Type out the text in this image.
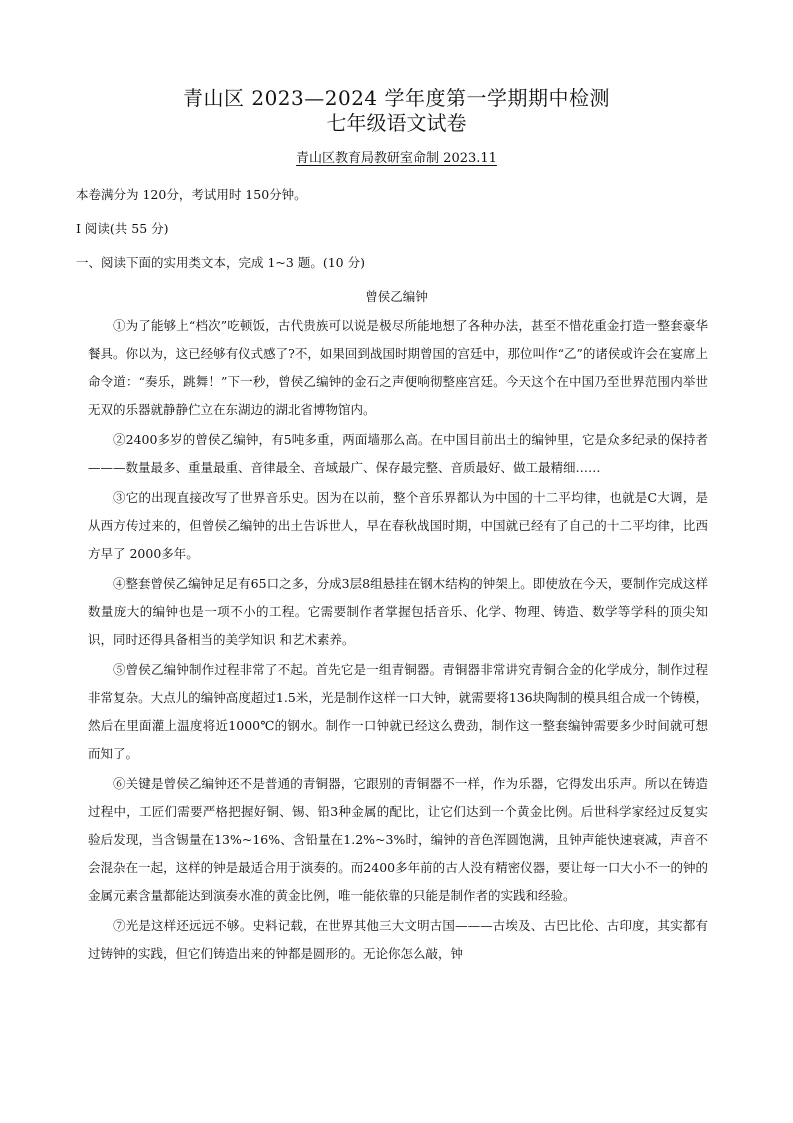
青山区 2023—2024 学年度第一学期期中检测
七年级语文试卷
青山区教育局教研室命制 2023.11
本卷满分为 120分，考试用时 150分钟。
I 阅读(共 55 分)
一、阅读下面的实用类文本，完成 1~3 题。(10 分)
曾侯乙编钟

①为了能够上“档次”吃顿饭，古代贵族可以说是极尽所能地想了各种办法，甚至不惜花重金打造一整套豪华餐具。你以为，这已经够有仪式感了?不，如果回到战国时期曾国的宫廷中，那位叫作“乙”的诸侯或许会在宴席上命令道：“奏乐，跳舞！”下一秒，曾侯乙编钟的金石之声便响彻整座宫廷。今天这个在中国乃至世界范围内举世无双的乐器就静静伫立在东湖边的湖北省博物馆内。

②2400多岁的曾侯乙编钟，有5吨多重，两面墙那么高。在中国目前出土的编钟里，它是众多纪录的保持者———数量最多、重量最重、音律最全、音域最广、保存最完整、音质最好、做工最精细……

③它的出现直接改写了世界音乐史。因为在以前，整个音乐界都认为中国的十二平均律，也就是C大调，是从西方传过来的，但曾侯乙编钟的出土告诉世人，早在春秋战国时期，中国就已经有了自己的十二平均律，比西方早了 2000多年。

④整套曾侯乙编钟足足有65口之多，分成3层8组悬挂在钢木结构的钟架上。即使放在今天，要制作完成这样数量庞大的编钟也是一项不小的工程。它需要制作者掌握包括音乐、化学、物理、铸造、数学等学科的顶尖知识，同时还得具备相当的美学知识 和艺术素养。

⑤曾侯乙编钟制作过程非常了不起。首先它是一组青铜器。青铜器非常讲究青铜合金的化学成分，制作过程非常复杂。大点儿的编钟高度超过1.5米，光是制作这样一口大钟，就需要将136块陶制的模具组合成一个铸模，然后在里面灌上温度将近1000℃的钢水。制作一口钟就已经这么费劲，制作这一整套编钟需要多少时间就可想而知了。

⑥关键是曾侯乙编钟还不是普通的青铜器，它跟别的青铜器不一样，作为乐器，它得发出乐声。所以在铸造过程中，工匠们需要严格把握好铜、锡、铅3种金属的配比，让它们达到一个黄金比例。后世科学家经过反复实验后发现，当含锡量在13%~16%、含铅量在1.2%~3%时，编钟的音色浑圆饱满，且钟声能快速衰减，声音不会混杂在一起，这样的钟是最适合用于演奏的。而2400多年前的古人没有精密仪器，要让每一口大小不一的钟的金属元素含量都能达到演奏水准的黄金比例，唯一能依靠的只能是制作者的实践和经验。

⑦光是这样还远远不够。史料记载，在世界其他三大文明古国———古埃及、古巴比伦、古印度，其实都有过铸钟的实践，但它们铸造出来的钟都是圆形的。无论你怎么敲，钟
